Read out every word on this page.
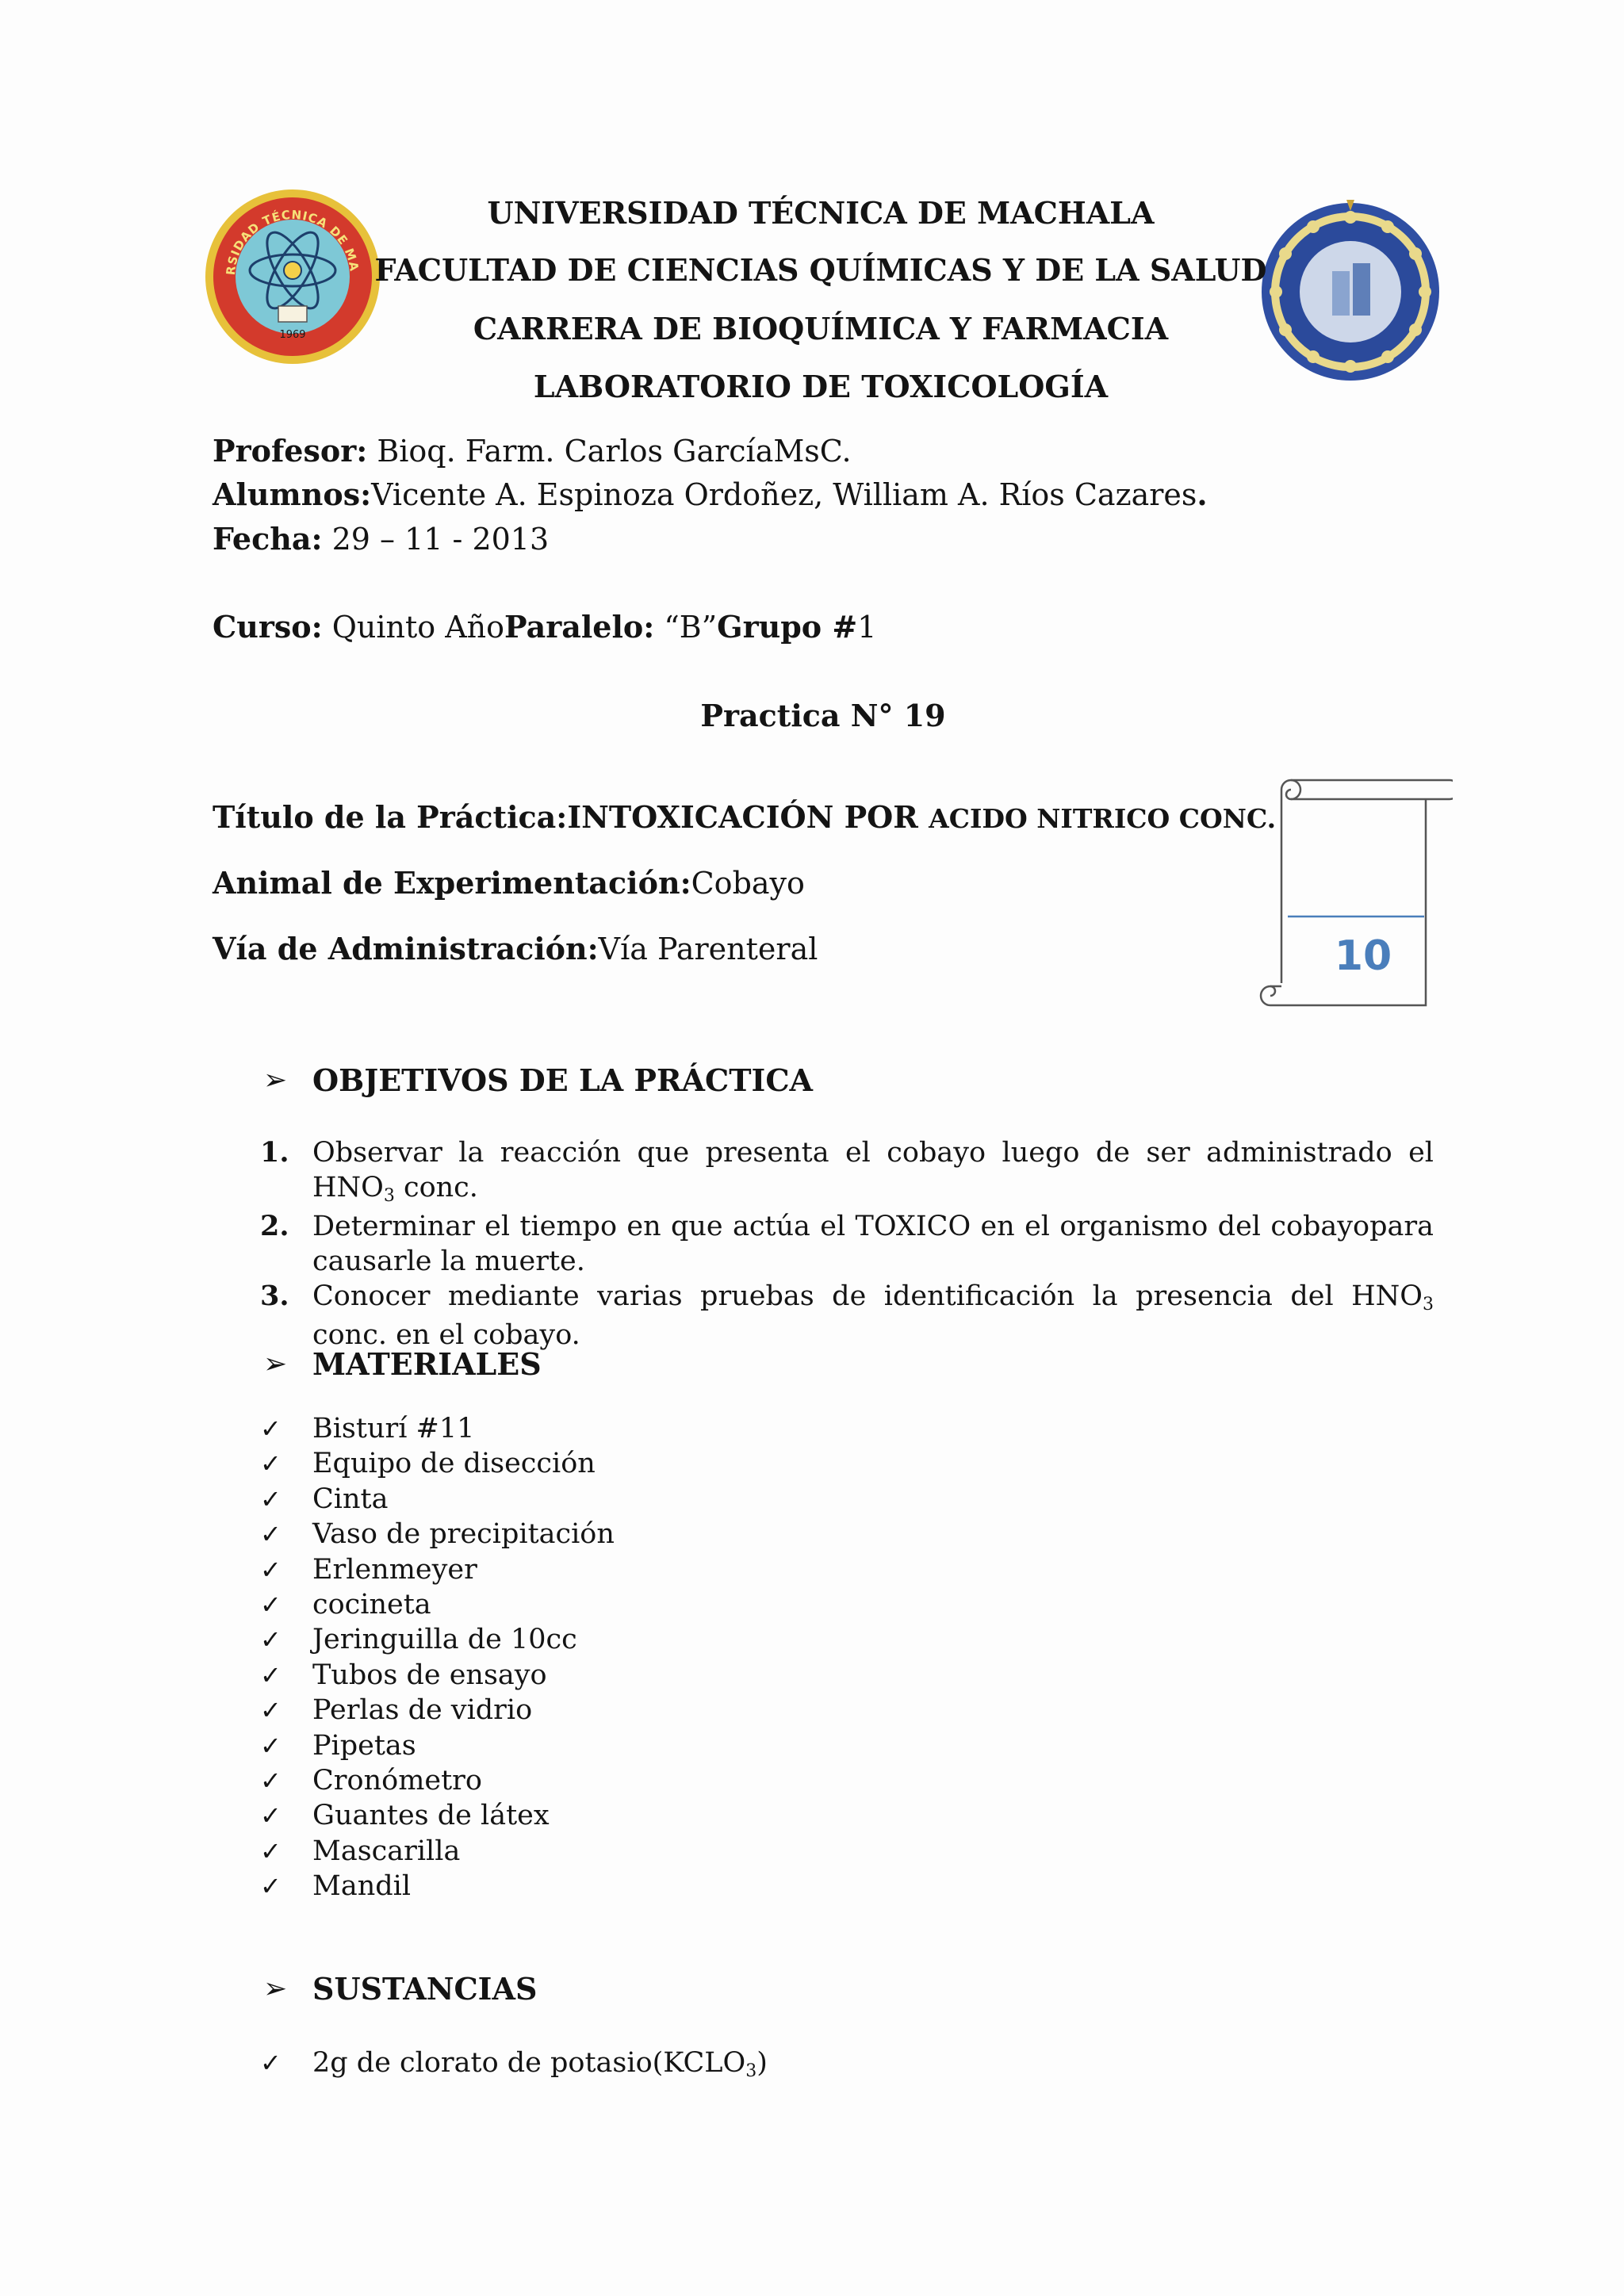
RSIDAD TÉCNICA DE MA
1969
UNIVERSIDAD TÉCNICA DE MACHALA
FACULTAD DE CIENCIAS QUÍMICAS Y DE LA SALUD
CARRERA DE BIOQUÍMICA Y FARMACIA
LABORATORIO DE TOXICOLOGÍA
Profesor: Bioq. Farm. Carlos GarcíaMsC.
Alumnos:Vicente A. Espinoza Ordoñez, William A. Ríos Cazares.
Fecha: 29 – 11 - 2013
Curso: Quinto AñoParalelo: “B”Grupo #1
Practica N° 19
Título de la Práctica:INTOXICACIÓN POR ACIDO NITRICO CONC.
Animal de Experimentación:Cobayo
Vía de Administración:Vía Parenteral	10
➢ OBJETIVOS DE LA PRÁCTICA
1. Observar la reacción que presenta el cobayo luego de ser administrado el $HNO_3$ conc.
2. Determinar el tiempo en que actúa el TOXICO en el organismo del cobayopara causarle la muerte.
3. Conocer mediante varias pruebas de identificación la presencia del $HNO_3$ conc. en el cobayo.
➢ MATERIALES
✓	Bisturí #11
✓	Equipo de disección
✓	Cinta
✓	Vaso de precipitación
✓	Erlenmeyer
✓	cocineta
✓	Jeringuilla de 10cc
✓	Tubos de ensayo
✓	Perlas de vidrio
✓	Pipetas
✓	Cronómetro
✓	Guantes de látex
✓	Mascarilla
✓	Mandil
➢ SUSTANCIAS
✓	2g de clorato de $potasio(KCLO_3)$
